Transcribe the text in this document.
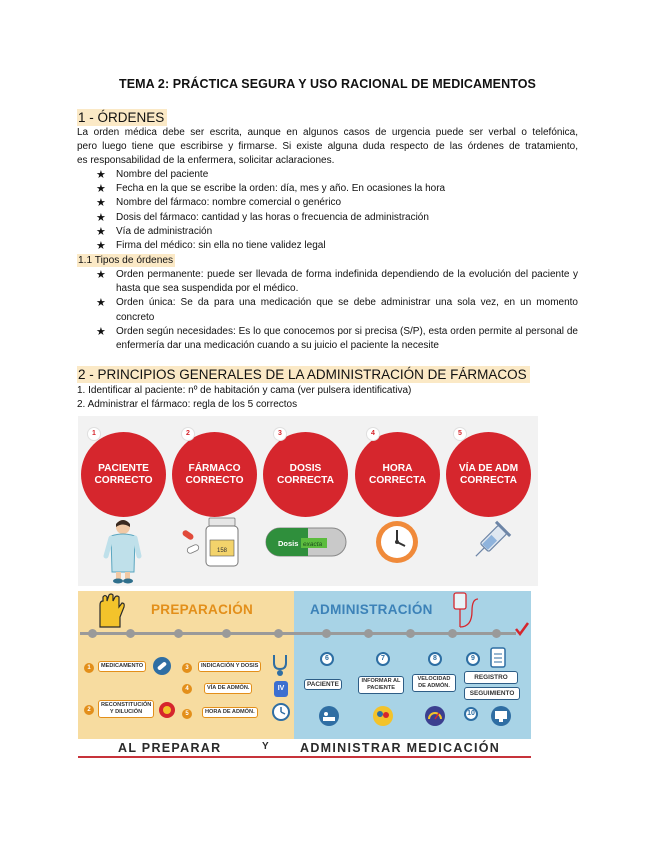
TEMA 2: PRÁCTICA SEGURA Y USO RACIONAL DE MEDICAMENTOS
1 - ÓRDENES
La orden médica debe ser escrita, aunque en algunos casos de urgencia puede ser verbal o telefónica,
pero luego tiene que escribirse y firmarse. Si existe alguna duda respecto de las órdenes de tratamiento,
es responsabilidad de la enfermera, solicitar aclaraciones.
★ Nombre del paciente
★ Fecha en la que se escribe la orden: día, mes y año. En ocasiones la hora
★ Nombre del fármaco: nombre comercial o genérico
★ Dosis del fármaco: cantidad y las horas o frecuencia de administración
★ Vía de administración
★ Firma del médico: sin ella no tiene validez legal
1.1 Tipos de órdenes
★ Orden permanente: puede ser llevada de forma indefinida dependiendo de la evolución del paciente y hasta que sea suspendida por el médico.
★ Orden única: Se da para una medicación que se debe administrar una sola vez, en un momento concreto
★ Orden según necesidades: Es lo que conocemos por si precisa (S/P), esta orden permite al personal de enfermería dar una medicación cuando a su juicio el paciente la necesite
2 - PRINCIPIOS GENERALES DE LA ADMINISTRACIÓN DE FÁRMACOS
1. Identificar al paciente: nº de habitación y cama (ver pulsera identificativa)
2. Administrar el fármaco: regla de los 5 correctos
PACIENTE CORRECTO
1
FÁRMACO CORRECTO
2
DOSIS CORRECTA
3
HORA CORRECTA
4
VÍA DE ADM CORRECTA
5
158
Dosis exacta
PREPARACIÓN	ADMINISTRACIÓN
1	MEDICAMENTO
2
RECONSTITUCIÓN Y DILUCIÓN
3	INDICACIÓN Y DOSIS
4	VÍA DE ADMÓN.	IV
5	HORA DE ADMÓN.
6
PACIENTE
7
INFORMAR AL PACIENTE
8
VELOCIDAD DE ADMÓN.
9
REGISTRO
SEGUIMIENTO
10
AL PREPARAR	Y	ADMINISTRAR MEDICACIÓN
